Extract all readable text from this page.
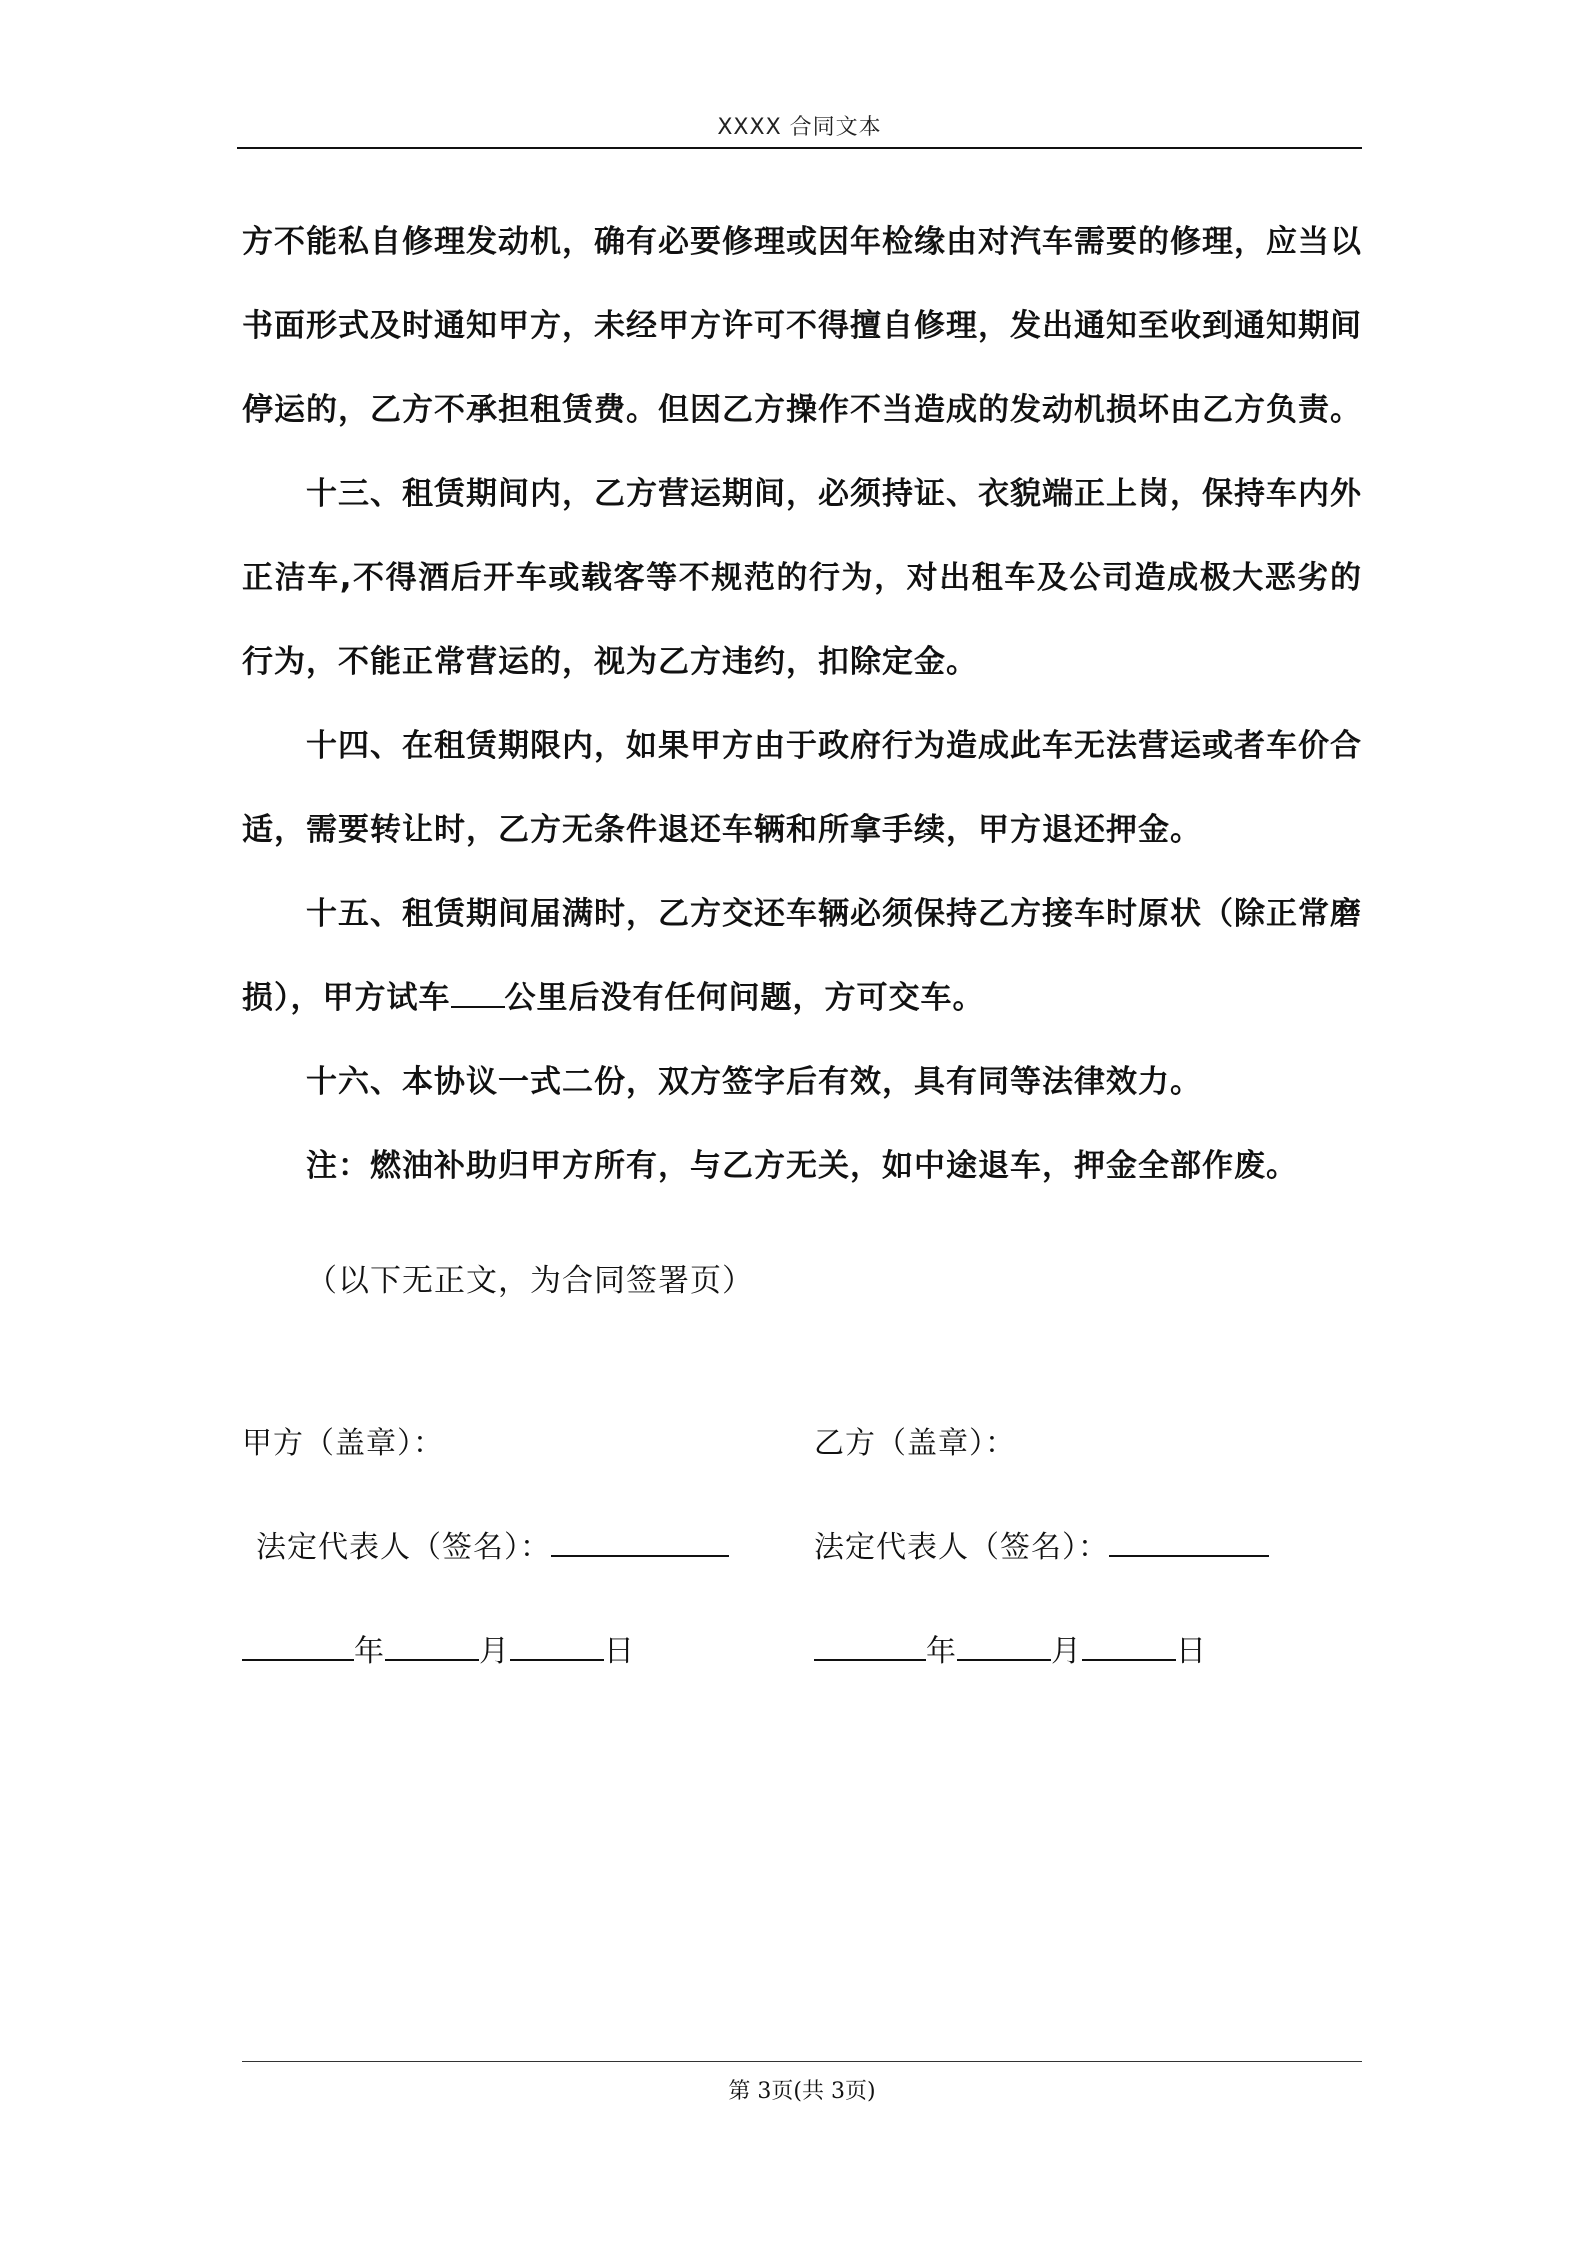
XXXX 合同文本

方不能私自修理发动机，确有必要修理或因年检缘由对汽车需要的修理，应当以书面形式及时通知甲方，未经甲方许可不得擅自修理，发出通知至收到通知期间停运的，乙方不承担租赁费。但因乙方操作不当造成的发动机损坏由乙方负责。

十三、租赁期间内，乙方营运期间，必须持证、衣貌端正上岗，保持车内外正洁车,不得酒后开车或载客等不规范的行为，对出租车及公司造成极大恶劣的行为，不能正常营运的，视为乙方违约，扣除定金。

十四、在租赁期限内，如果甲方由于政府行为造成此车无法营运或者车价合适，需要转让时，乙方无条件退还车辆和所拿手续，甲方退还押金。

十五、租赁期间届满时，乙方交还车辆必须保持乙方接车时原状（除正常磨损），甲方试车 公里后没有任何问题，方可交车。

十六、本协议一式二份，双方签字后有效，具有同等法律效力。

注：燃油补助归甲方所有，与乙方无关，如中途退车，押金全部作废。

（以下无正文，为合同签署页）
甲方（盖章）：	乙方（盖章）：
法定代表人（签名）：	法定代表人（签名）：
年	月	日	年	月	日
第 3页(共 3页)
